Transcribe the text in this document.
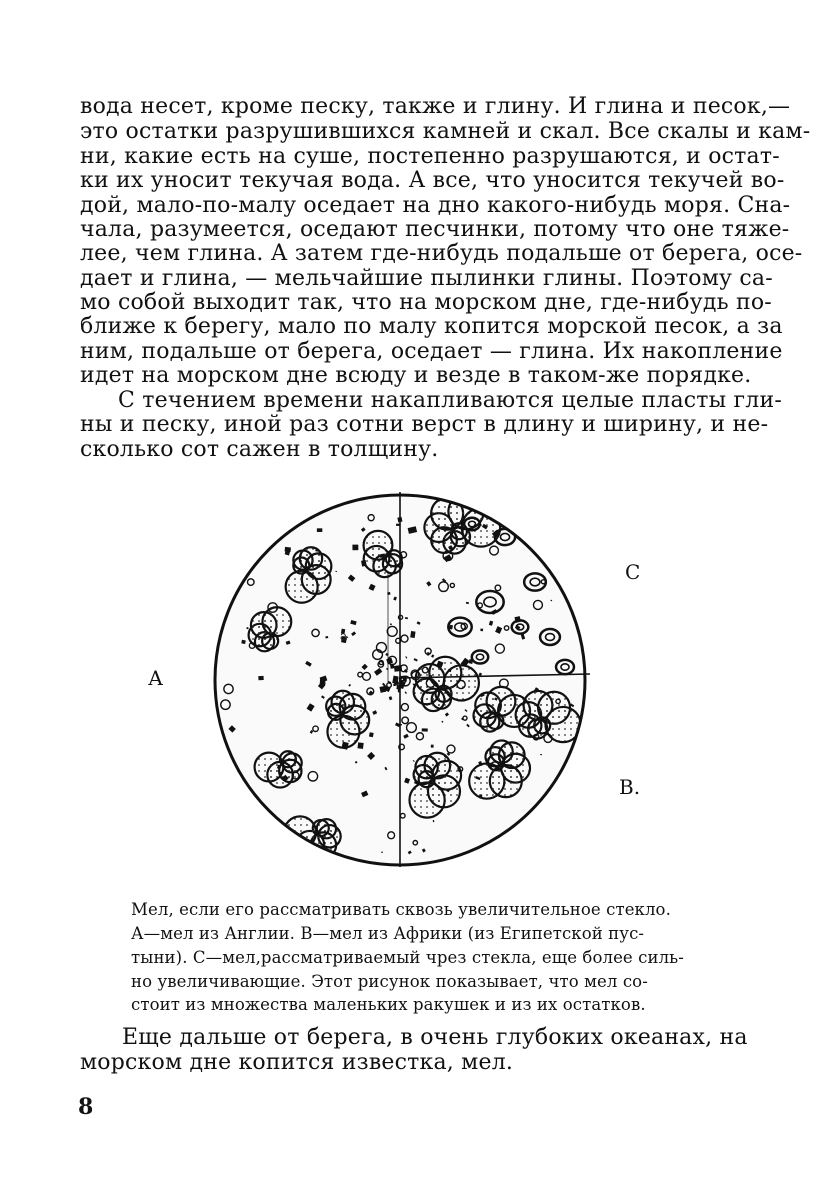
вода несет, кроме песку, также и глину. И глина и песок,—
это остатки разрушившихся камней и скал. Все скалы и кам-
ни, какие есть на суше, постепенно разрушаются, и остат-
ки их уносит текучая вода. А все, что уносится текучей во-
дой, мало-по-малу оседает на дно какого-нибудь моря. Сна-
чала, разумеется, оседают песчинки, потому что оне тяже-
лее, чем глина. А затем где-нибудь подальше от берега, осе-
дает и глина, — мельчайшие пылинки глины. Поэтому са-
мо собой выходит так, что на морском дне, где-нибудь по-
ближе к берегу, мало по малу копится морской песок, а за
ним, подальше от берега, оседает — глина. Их накопление
идет на морском дне всюду и везде в таком-же порядке.
С течением времени накапливаются целые пласты гли-
ны и песку, иной раз сотни верст в длину и ширину, и не-
сколько сот сажен в толщину.
а
А
В.
С
Мел, если его рассматривать сквозь увеличительное стекло.
А—мел из Англии. В—мел из Африки (из Египетской пус-
тыни). С—мел,рассматриваемый чрез стекла, еще более силь-
но увеличивающие. Этот рисунок показывает, что мел со-
стоит из множества маленьких ракушек и из их остатков.
Еще дальше от берега, в очень глубоких океанах, на
морском дне копится известка, мел.
8
